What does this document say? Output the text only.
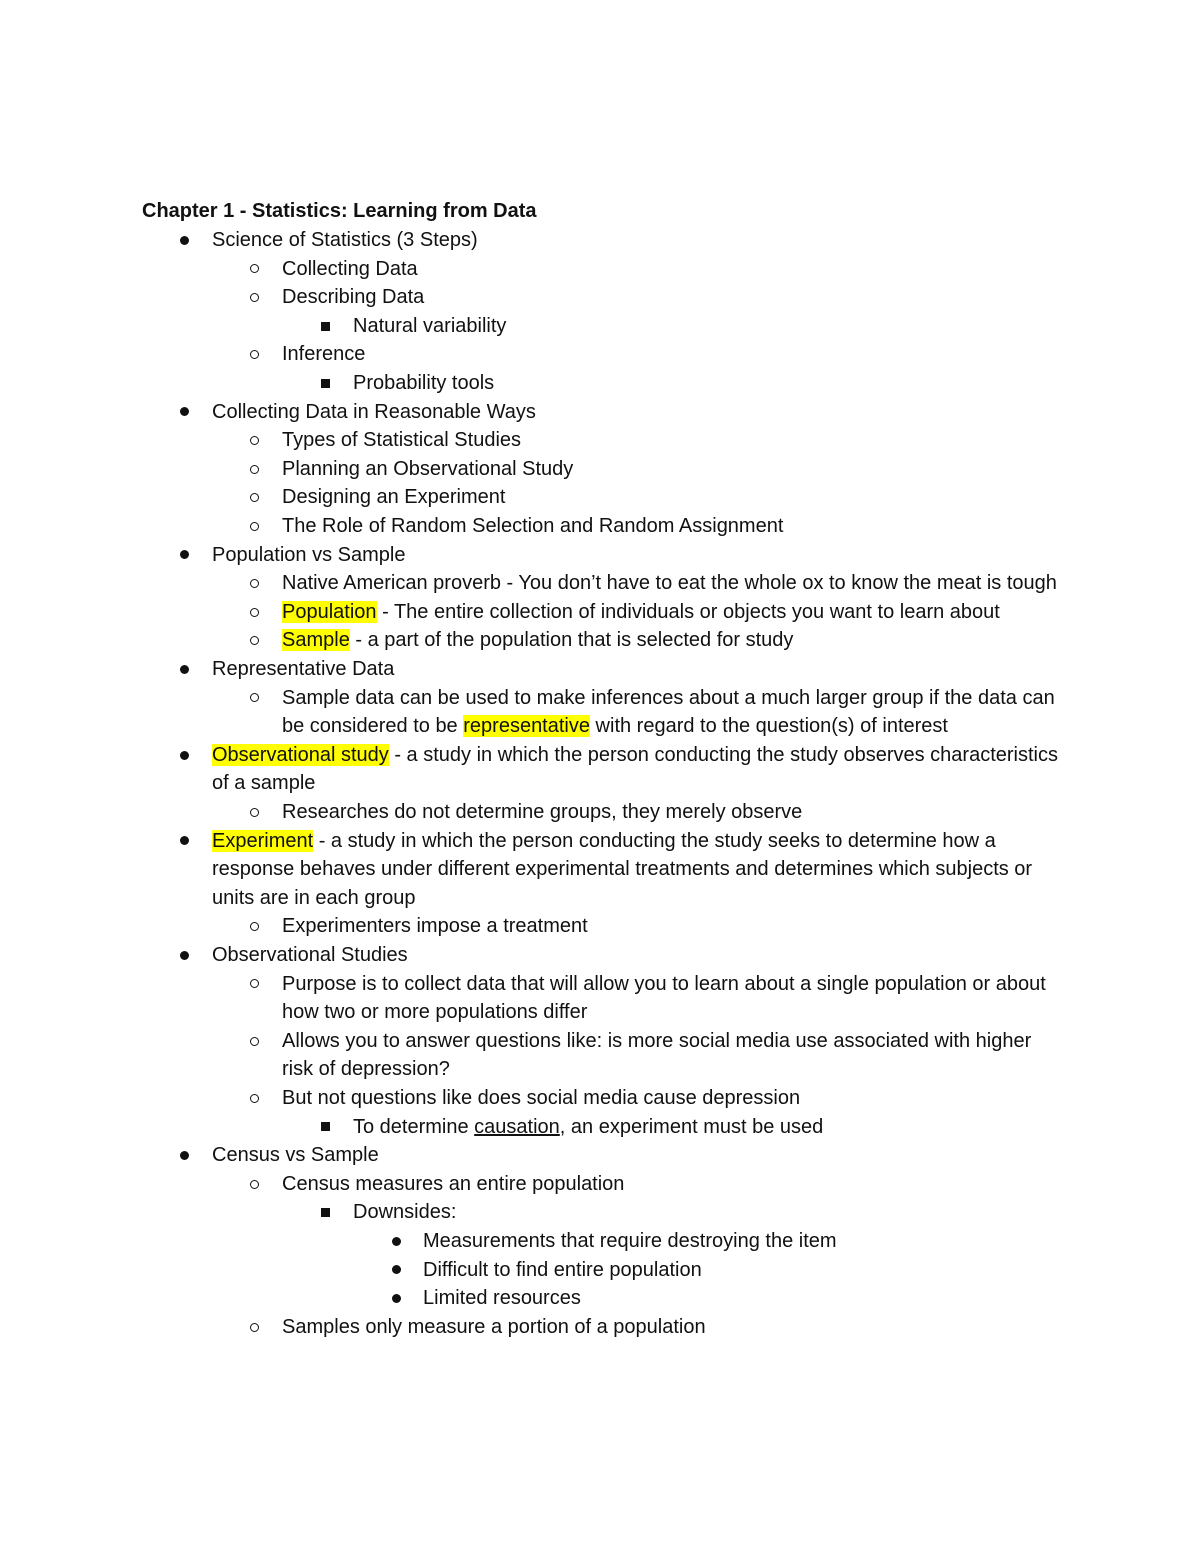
Chapter 1 - Statistics: Learning from Data
Science of Statistics (3 Steps)
Collecting Data
Describing Data
Natural variability
Inference
Probability tools
Collecting Data in Reasonable Ways
Types of Statistical Studies
Planning an Observational Study
Designing an Experiment
The Role of Random Selection and Random Assignment
Population vs Sample
Native American proverb - You don’t have to eat the whole ox to know the meat is tough
Population - The entire collection of individuals or objects you want to learn about
Sample - a part of the population that is selected for study
Representative Data
Sample data can be used to make inferences about a much larger group if the data can be considered to be representative with regard to the question(s) of interest
Observational study - a study in which the person conducting the study observes characteristics of a sample
Researches do not determine groups, they merely observe
Experiment - a study in which the person conducting the study seeks to determine how a response behaves under different experimental treatments and determines which subjects or units are in each group
Experimenters impose a treatment
Observational Studies
Purpose is to collect data that will allow you to learn about a single population or about how two or more populations differ
Allows you to answer questions like: is more social media use associated with higher risk of depression?
But not questions like does social media cause depression
To determine causation, an experiment must be used
Census vs Sample
Census measures an entire population
Downsides:
Measurements that require destroying the item
Difficult to find entire population
Limited resources
Samples only measure a portion of a population
